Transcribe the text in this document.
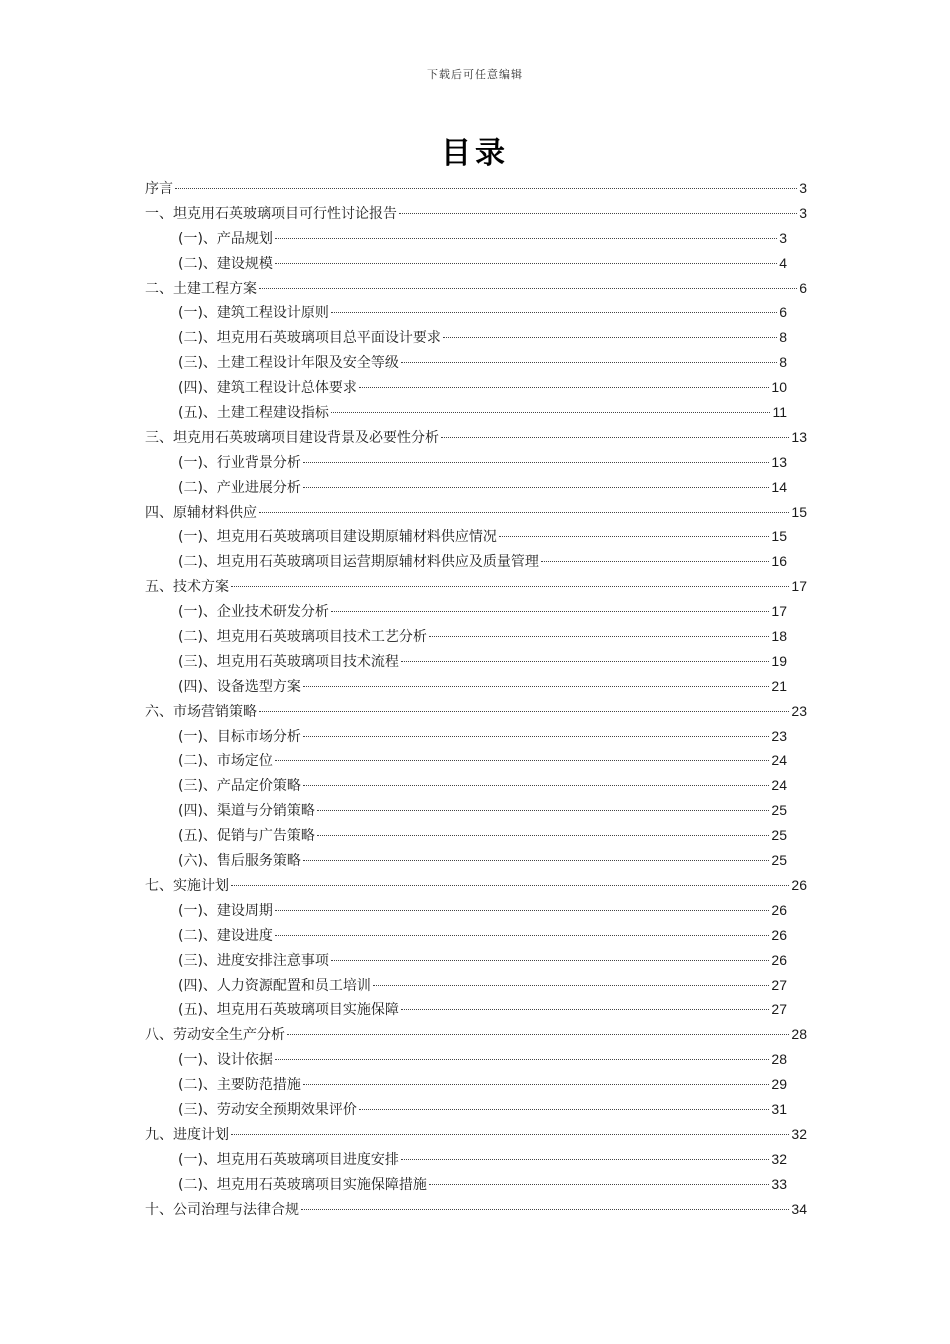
下载后可任意编辑
目录
序言	3
一、坦克用石英玻璃项目可行性讨论报告	3
(一)、产品规划	3
(二)、建设规模	4
二、土建工程方案	6
(一)、建筑工程设计原则	6
(二)、坦克用石英玻璃项目总平面设计要求	8
(三)、土建工程设计年限及安全等级	8
(四)、建筑工程设计总体要求	10
(五)、土建工程建设指标	11
三、坦克用石英玻璃项目建设背景及必要性分析	13
(一)、行业背景分析	13
(二)、产业进展分析	14
四、原辅材料供应	15
(一)、坦克用石英玻璃项目建设期原辅材料供应情况	15
(二)、坦克用石英玻璃项目运营期原辅材料供应及质量管理	16
五、技术方案	17
(一)、企业技术研发分析	17
(二)、坦克用石英玻璃项目技术工艺分析	18
(三)、坦克用石英玻璃项目技术流程	19
(四)、设备选型方案	21
六、市场营销策略	23
(一)、目标市场分析	23
(二)、市场定位	24
(三)、产品定价策略	24
(四)、渠道与分销策略	25
(五)、促销与广告策略	25
(六)、售后服务策略	25
七、实施计划	26
(一)、建设周期	26
(二)、建设进度	26
(三)、进度安排注意事项	26
(四)、人力资源配置和员工培训	27
(五)、坦克用石英玻璃项目实施保障	27
八、劳动安全生产分析	28
(一)、设计依据	28
(二)、主要防范措施	29
(三)、劳动安全预期效果评价	31
九、进度计划	32
(一)、坦克用石英玻璃项目进度安排	32
(二)、坦克用石英玻璃项目实施保障措施	33
十、公司治理与法律合规	34
